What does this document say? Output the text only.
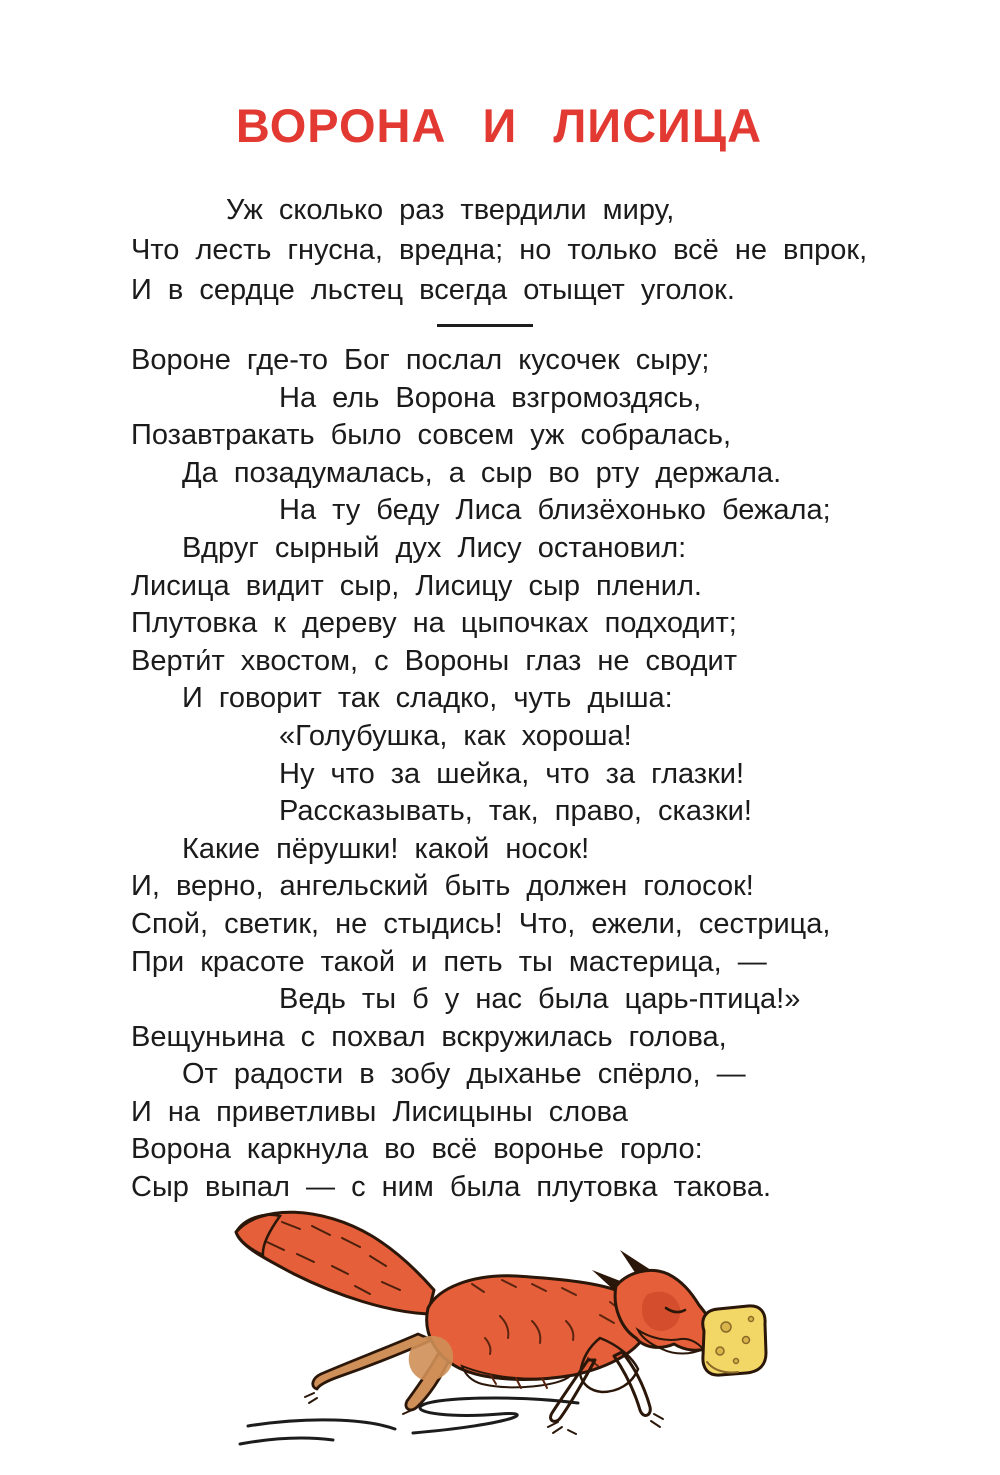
ВОРОНА И ЛИСИЦА
Уж сколько раз твердили миру,
Что лесть гнусна, вредна; но только всё не впрок,
И в сердце льстец всегда отыщет уголок.
Вороне где-то Бог послал кусочек сыру;
На ель Ворона взгромоздясь,
Позавтракать было совсем уж собралась,
Да позадумалась, а сыр во рту держала.
На ту беду Лиса близёхонько бежала;
Вдруг сырный дух Лису остановил:
Лисица видит сыр, Лисицу сыр пленил.
Плутовка к дереву на цыпочках подходит;
Верти́т хвостом, с Вороны глаз не сводит
И говорит так сладко, чуть дыша:
«Голубушка, как хороша!
Ну что за шейка, что за глазки!
Рассказывать, так, право, сказки!
Какие пёрушки! какой носок!
И, верно, ангельский быть должен голосок!
Спой, светик, не стыдись! Что, ежели, сестрица,
При красоте такой и петь ты мастерица, —
Ведь ты б у нас была царь-птица!»
Вещуньина с похвал вскружилась голова,
От радости в зобу дыханье спёрло, —
И на приветливы Лисицыны слова
Ворона каркнула во всё воронье горло:
Сыр выпал — с ним была плутовка такова.
